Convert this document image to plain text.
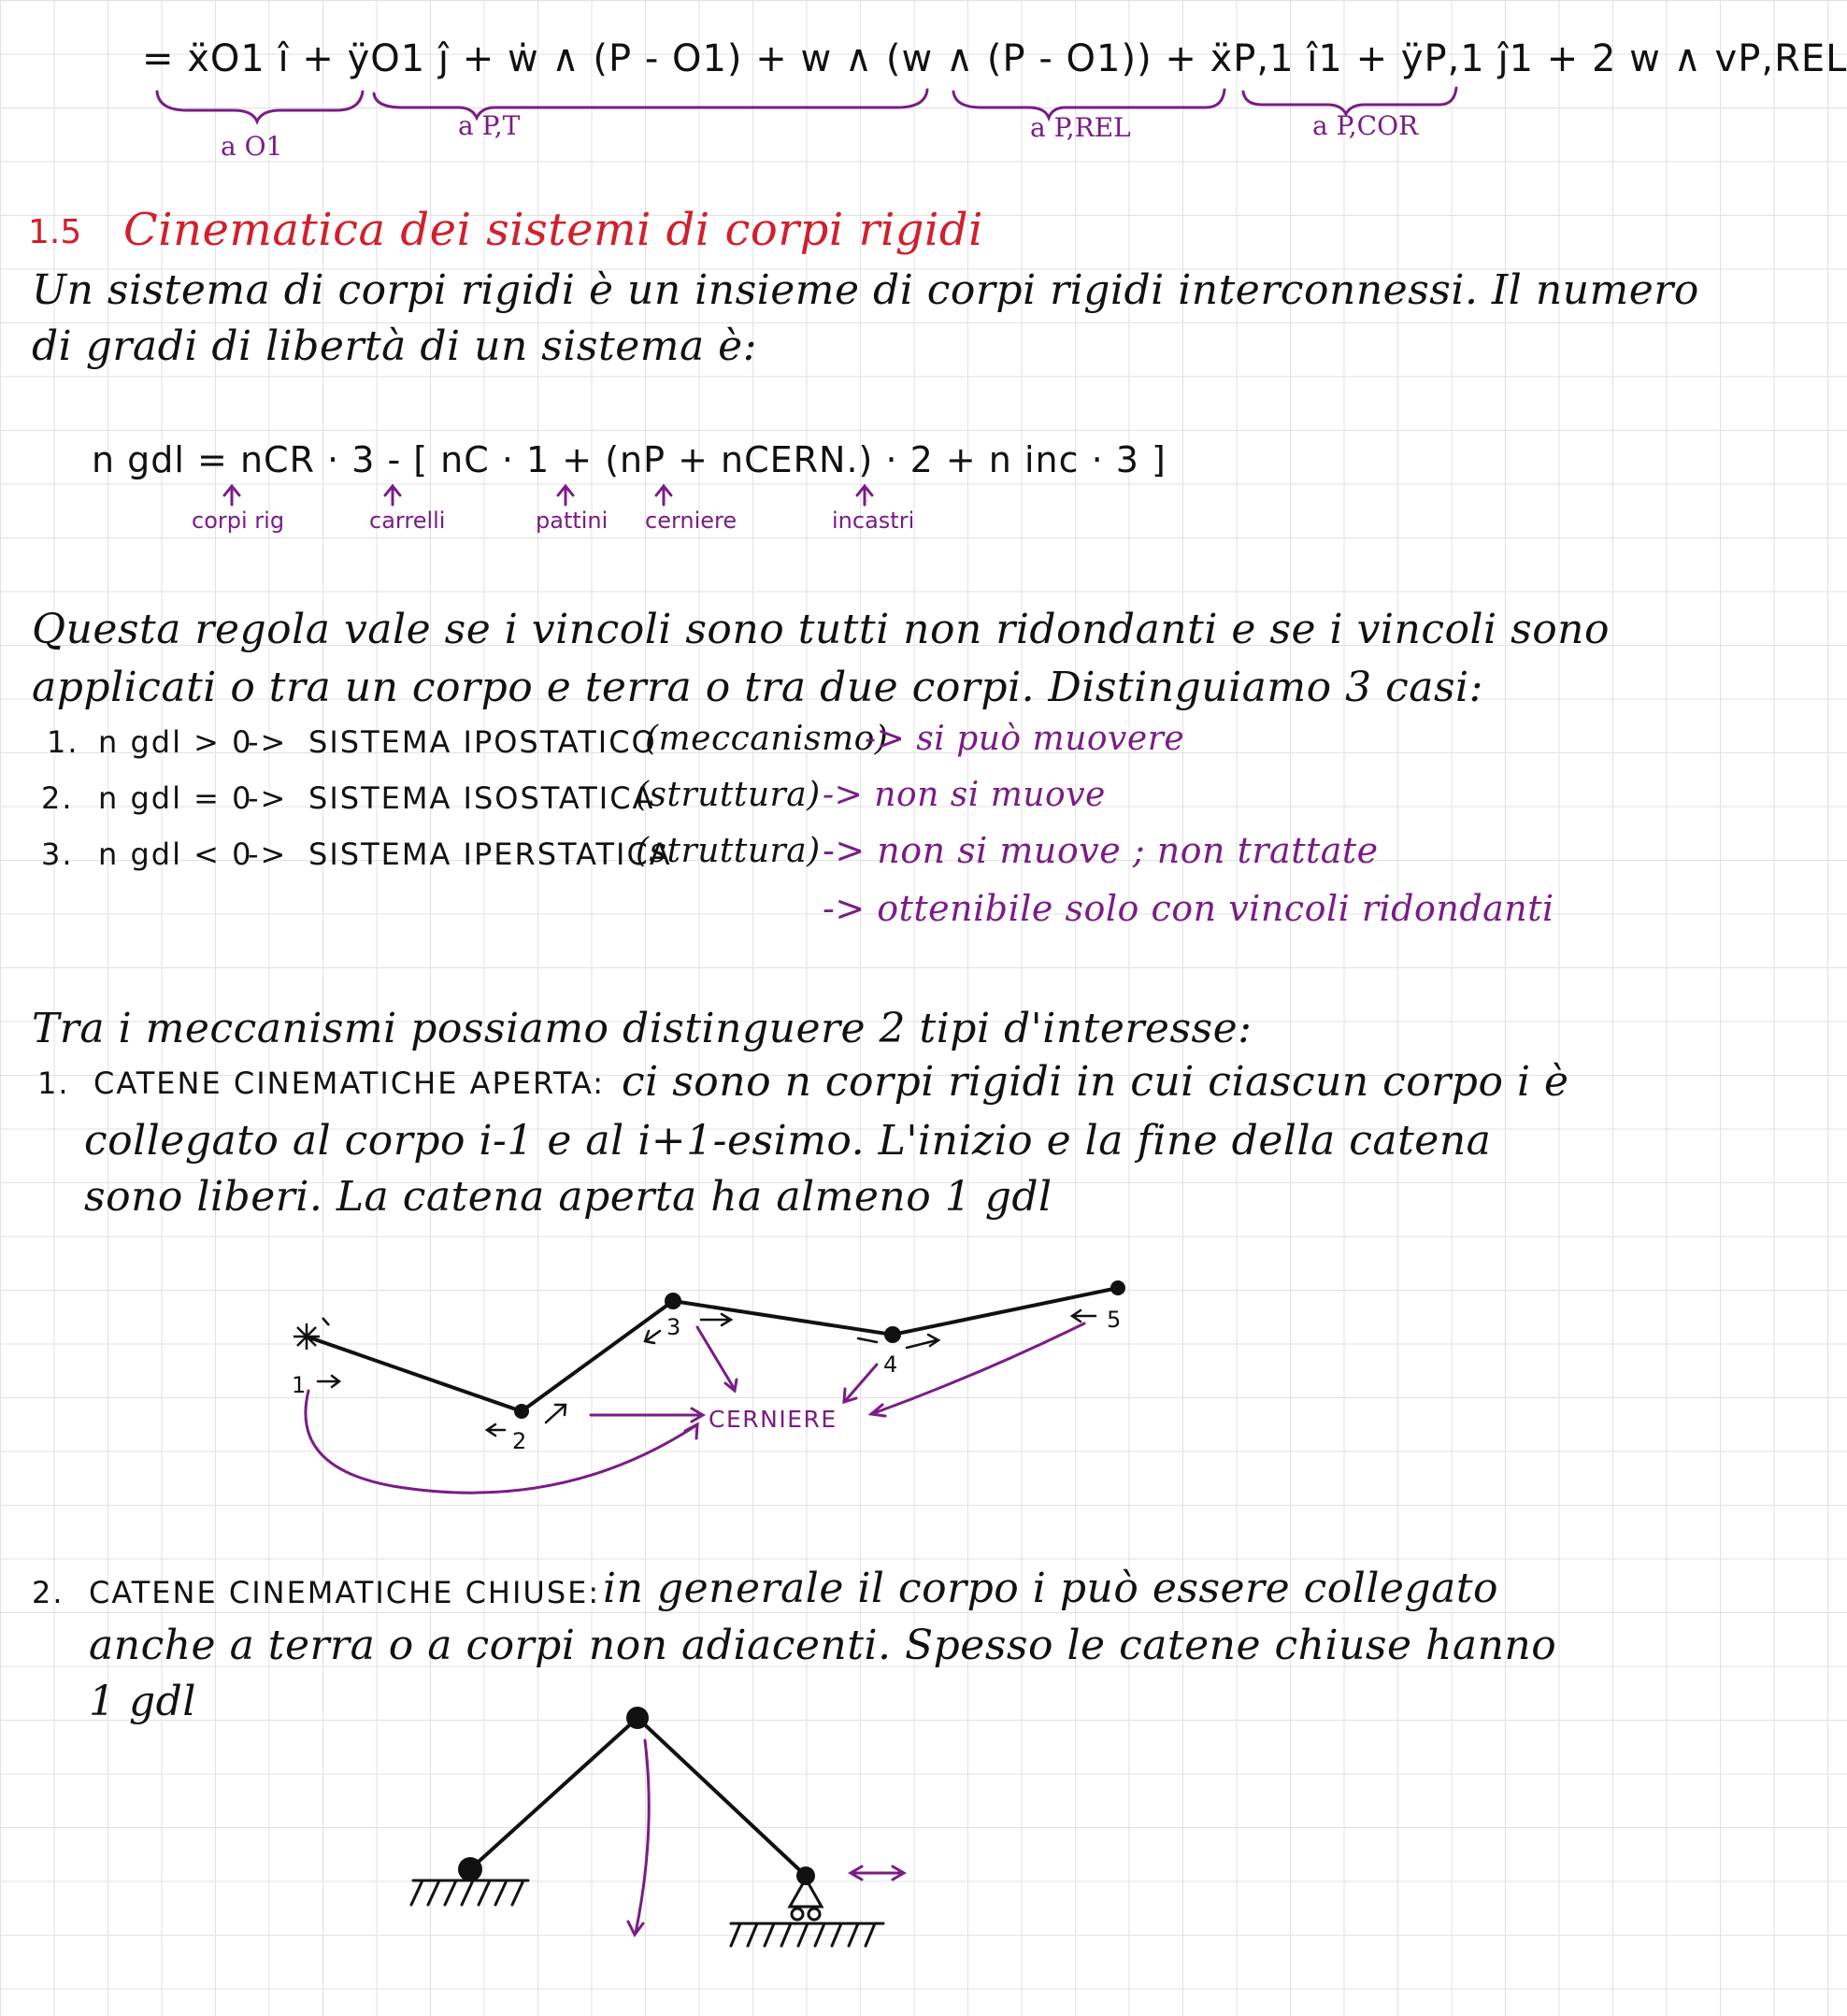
= ẍO1 î + ÿO1 ĵ + ẇ ∧ (P - O1) + w ∧ (w ∧ (P - O1)) + ẍP,1 î1 + ÿP,1 ĵ1 + 2 w ∧ vP,REL
a O1
a P,T	a P,REL	a P,COR
1.5 Cinematica dei sistemi di corpi rigidi
Un sistema di corpi rigidi è un insieme di corpi rigidi interconnessi. Il numero
di gradi di libertà di un sistema è:
n gdl = nCR · 3 - [ nC · 1 + (nP + nCERN.) · 2 + n inc · 3 ]
corpi rig	carrelli	pattini cerniere	incastri
Questa regola vale se i vincoli sono tutti non ridondanti e se i vincoli sono
applicati o tra un corpo e terra o tra due corpi. Distinguiamo 3 casi:
1. n gdl > 0
-> SISTEMA IPOSTATICO
(meccanismo)
-> si può muovere
2. n gdl = 0
-> SISTEMA ISOSTATICA
(struttura) -> non si muove
3. n gdl < 0
-> SISTEMA IPERSTATICA
(struttura) -> non si muove ; non trattate
-> ottenibile solo con vincoli ridondanti
Tra i meccanismi possiamo distinguere 2 tipi d'interesse:
1. CATENE CINEMATICHE APERTA: ci sono n corpi rigidi in cui ciascun corpo i è
collegato al corpo i-1 e al i+1-esimo. L'inizio e la fine della catena
sono liberi. La catena aperta ha almeno 1 gdl
1
2
3
4
5
CERNIERE
2. CATENE CINEMATICHE CHIUSE: in generale il corpo i può essere collegato
anche a terra o a corpi non adiacenti. Spesso le catene chiuse hanno
1 gdl
